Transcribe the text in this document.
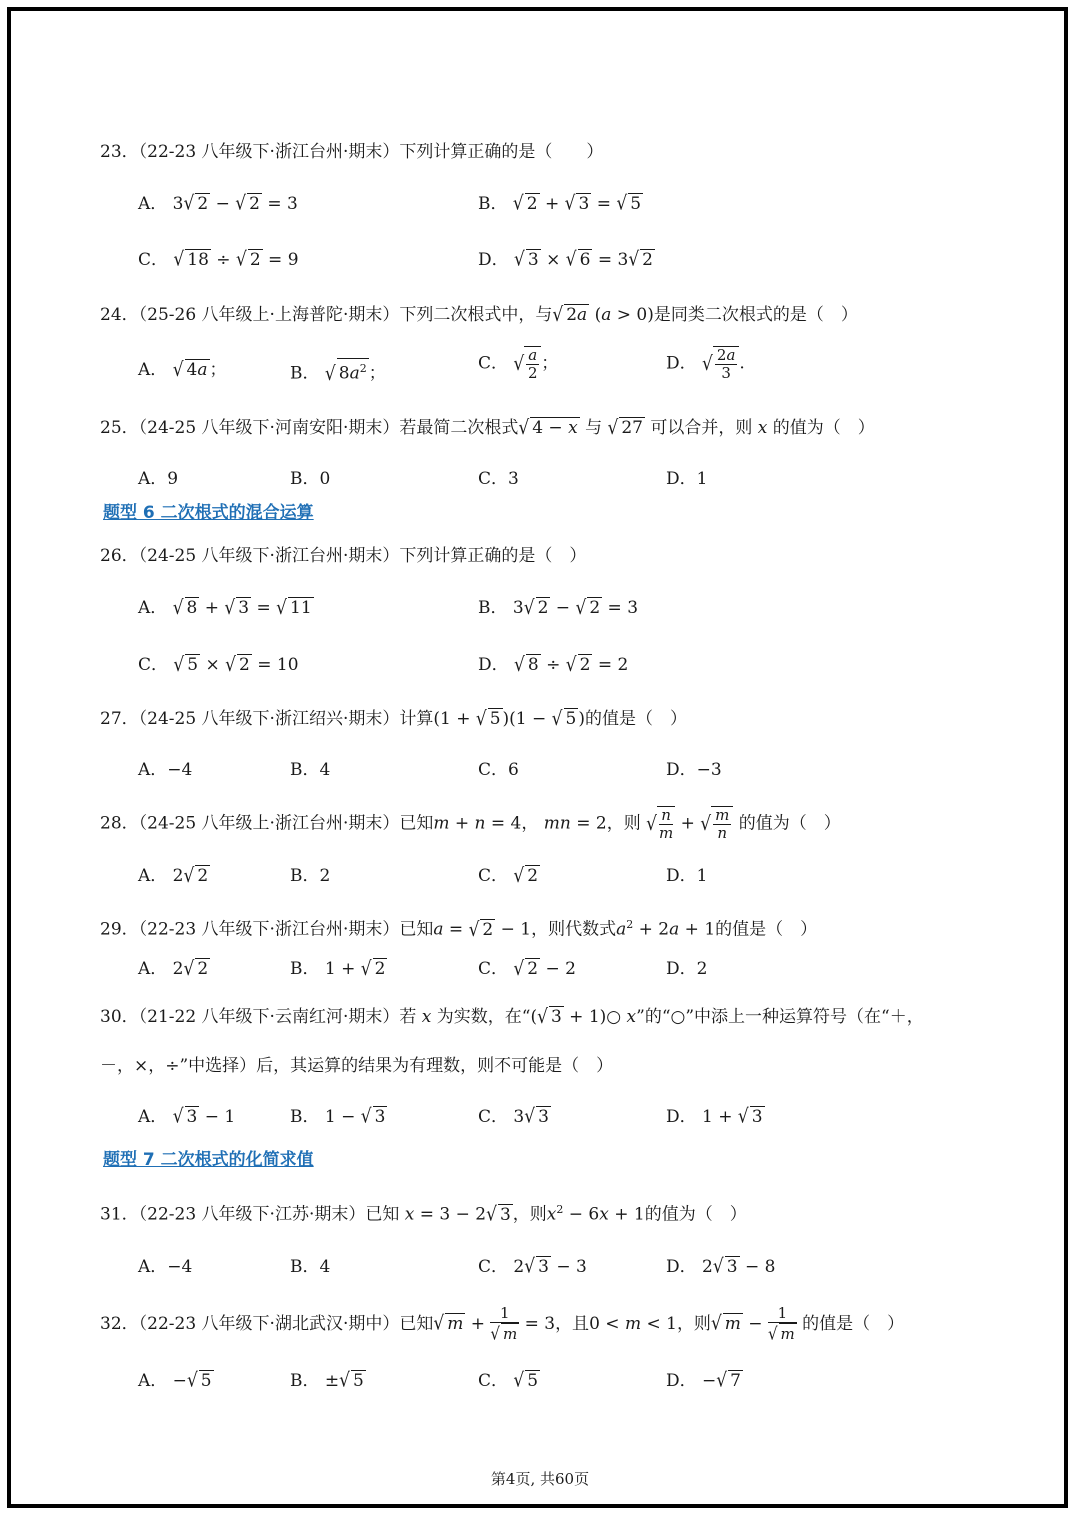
23．（22-23 八年级下·浙江台州·期末）下列计算正确的是（　　）
A． 3√ 2 − √ 2 = 3	B． √ 2 + √ 3 = √ 5
C． √ 18 ÷ √ 2 = 9	D． √ 3 × √ 6 = 3√ 2
24．（25-26 八年级上·上海普陀·期末）下列二次根式中，与√ 2a (a > 0)是同类二次根式的是（　）
A． √ 4a ；	B． √ $8a^2$ ；
C． √ $\frac{a}{2}$ ；	D． √ $\frac{2a}{3}$ .
25．（24-25 八年级下·河南安阳·期末）若最简二次根式√ 4 − x 与 √ 27 可以合并，则 x 的值为（　）
A．9	B．0	C．3	D．1
题型 6 二次根式的混合运算
26．（24-25 八年级下·浙江台州·期末）下列计算正确的是（　）
A． √ 8 + √ 3 = √ 11	B． 3√ 2 − √ 2 = 3
C． √ 5 × √ 2 = 10	D． √ 8 ÷ √ 2 = 2
27．（24-25 八年级下·浙江绍兴·期末）计算(1 + √ 5 )(1 − √ 5 )的值是（　）
A．−4	B．4	C．6	D．−3
28．（24-25 八年级上·浙江台州·期末）已知m + n = 4， mn = 2，则 √ $\frac{n}{m}$ + √ $\frac{m}{n}$ 的值为（　）
A． 2√ 2	B．2	C． √ 2	D．1
29．（22-23 八年级下·浙江台州·期末）已知a = √ 2 − 1，则代数式$a^2 + 2a + 1$的值是（　）
A． 2√ 2	B． 1 + √ 2	C． √ 2 − 2	D．2
30．（21-22 八年级下·云南红河·期末）若 x 为实数，在“(√ 3 + 1)○ x”的“○”中添上一种运算符号（在“＋，
－，×，÷”中选择）后，其运算的结果为有理数，则不可能是（　）
A． √ 3 − 1	B． 1 − √ 3	C． 3√ 3	D． 1 + √ 3
题型 7 二次根式的化简求值
31．（22-23 八年级下·江苏·期末）已知 x = 3 − 2√ 3 ，则$x^2 - 6x + 1$的值为（　）
A．−4	B．4	C． 2√ 3 − 3	D． 2√ 3 − 8
32．（22-23 八年级下·湖北武汉·期中）已知√ $m + \frac{1}{√ m} = 3$，且0 < m < 1，则√ $m - \frac{1}{√ m}$ 的值是（　）
A． −√ 5	B． ±√ 5	C． √ 5	D． −√ 7
第4页, 共60页
